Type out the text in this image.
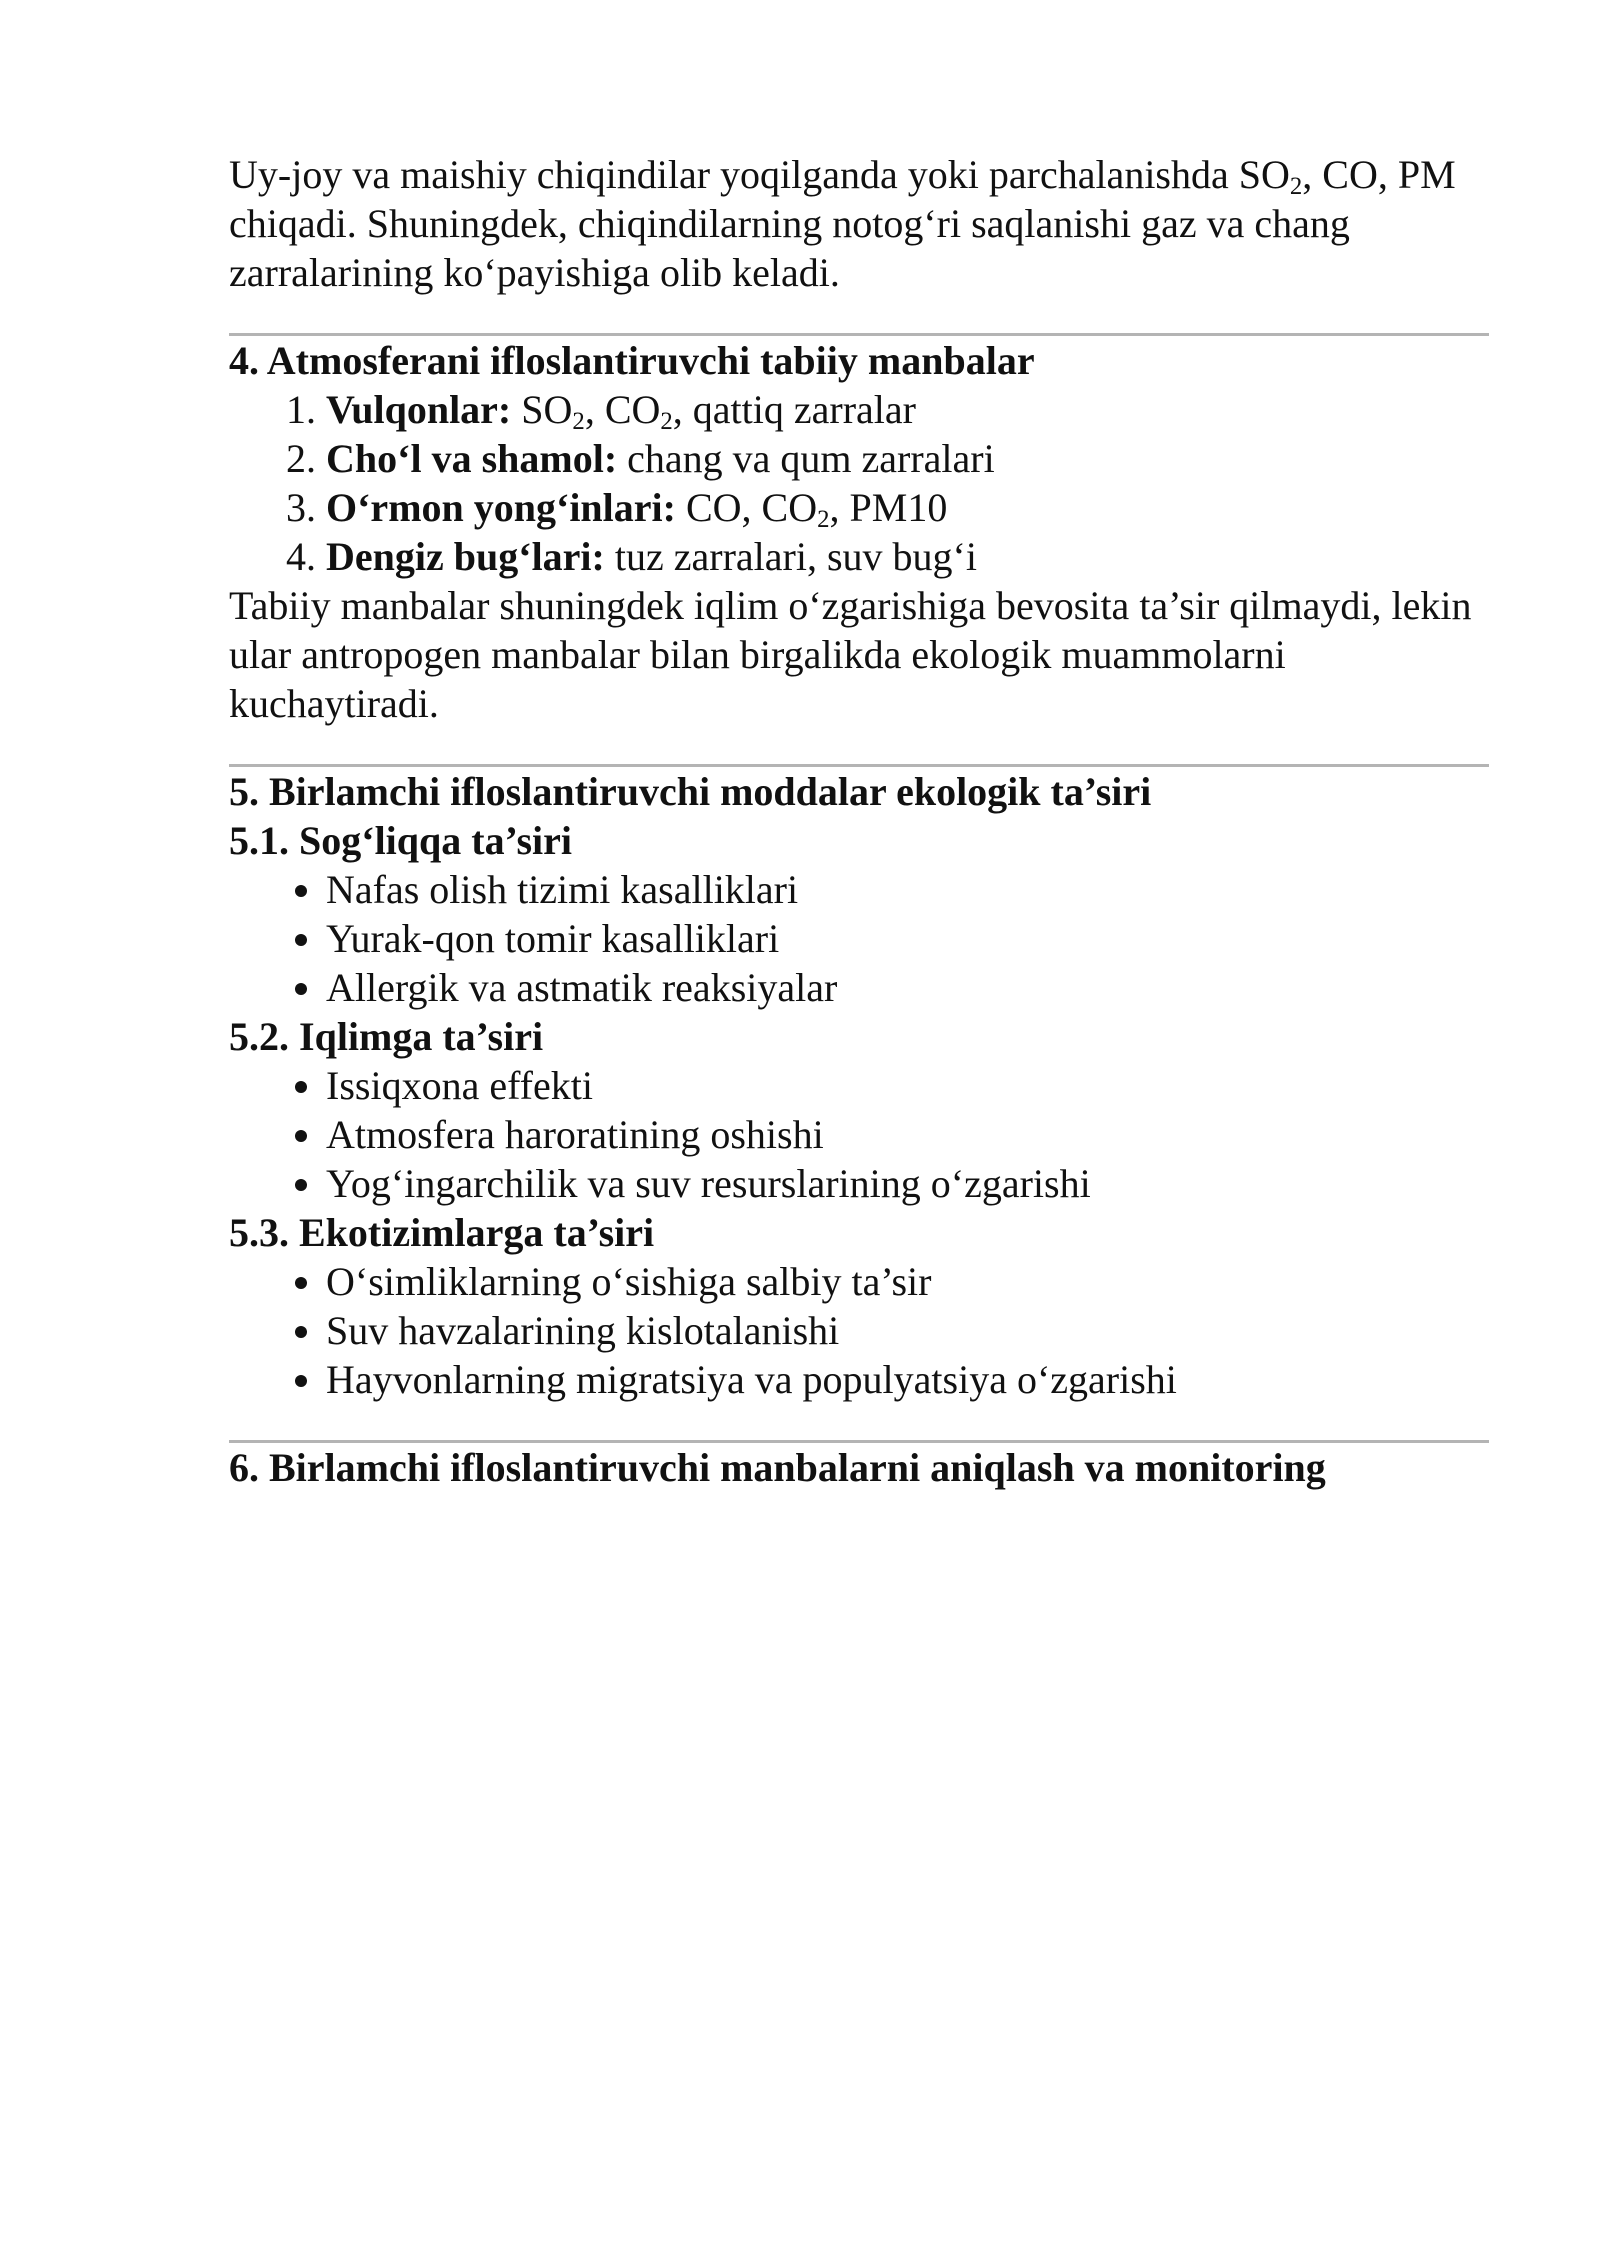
Uy-joy va maishiy chiqindilar yoqilganda yoki parchalanishda $SO_2$, CO, PM chiqadi. Shuningdek, chiqindilarning notog‘ri saqlanishi gaz va chang zarralarining ko‘payishiga olib keladi.

4. Atmosferani ifloslantiruvchi tabiiy manbalar
1. Vulqonlar: $SO_2$, $CO_2$, qattiq zarralar
2. Cho‘l va shamol: chang va qum zarralari
3. O‘rmon yong‘inlari: CO, $CO_2$, PM10
4. Dengiz bug‘lari: tuz zarralari, suv bug‘i

Tabiiy manbalar shuningdek iqlim o‘zgarishiga bevosita ta’sir qilmaydi, lekin ular antropogen manbalar bilan birgalikda ekologik muammolarni kuchaytiradi.

5. Birlamchi ifloslantiruvchi moddalar ekologik ta’siri
5.1. Sog‘liqqa ta’siri
• Nafas olish tizimi kasalliklari
• Yurak-qon tomir kasalliklari
• Allergik va astmatik reaksiyalar
5.2. Iqlimga ta’siri
• Issiqxona effekti
• Atmosfera haroratining oshishi
• Yog‘ingarchilik va suv resurslarining o‘zgarishi
5.3. Ekotizimlarga ta’siri
• O‘simliklarning o‘sishiga salbiy ta’sir
• Suv havzalarining kislotalanishi
• Hayvonlarning migratsiya va populyatsiya o‘zgarishi
6. Birlamchi ifloslantiruvchi manbalarni aniqlash va monitoring
